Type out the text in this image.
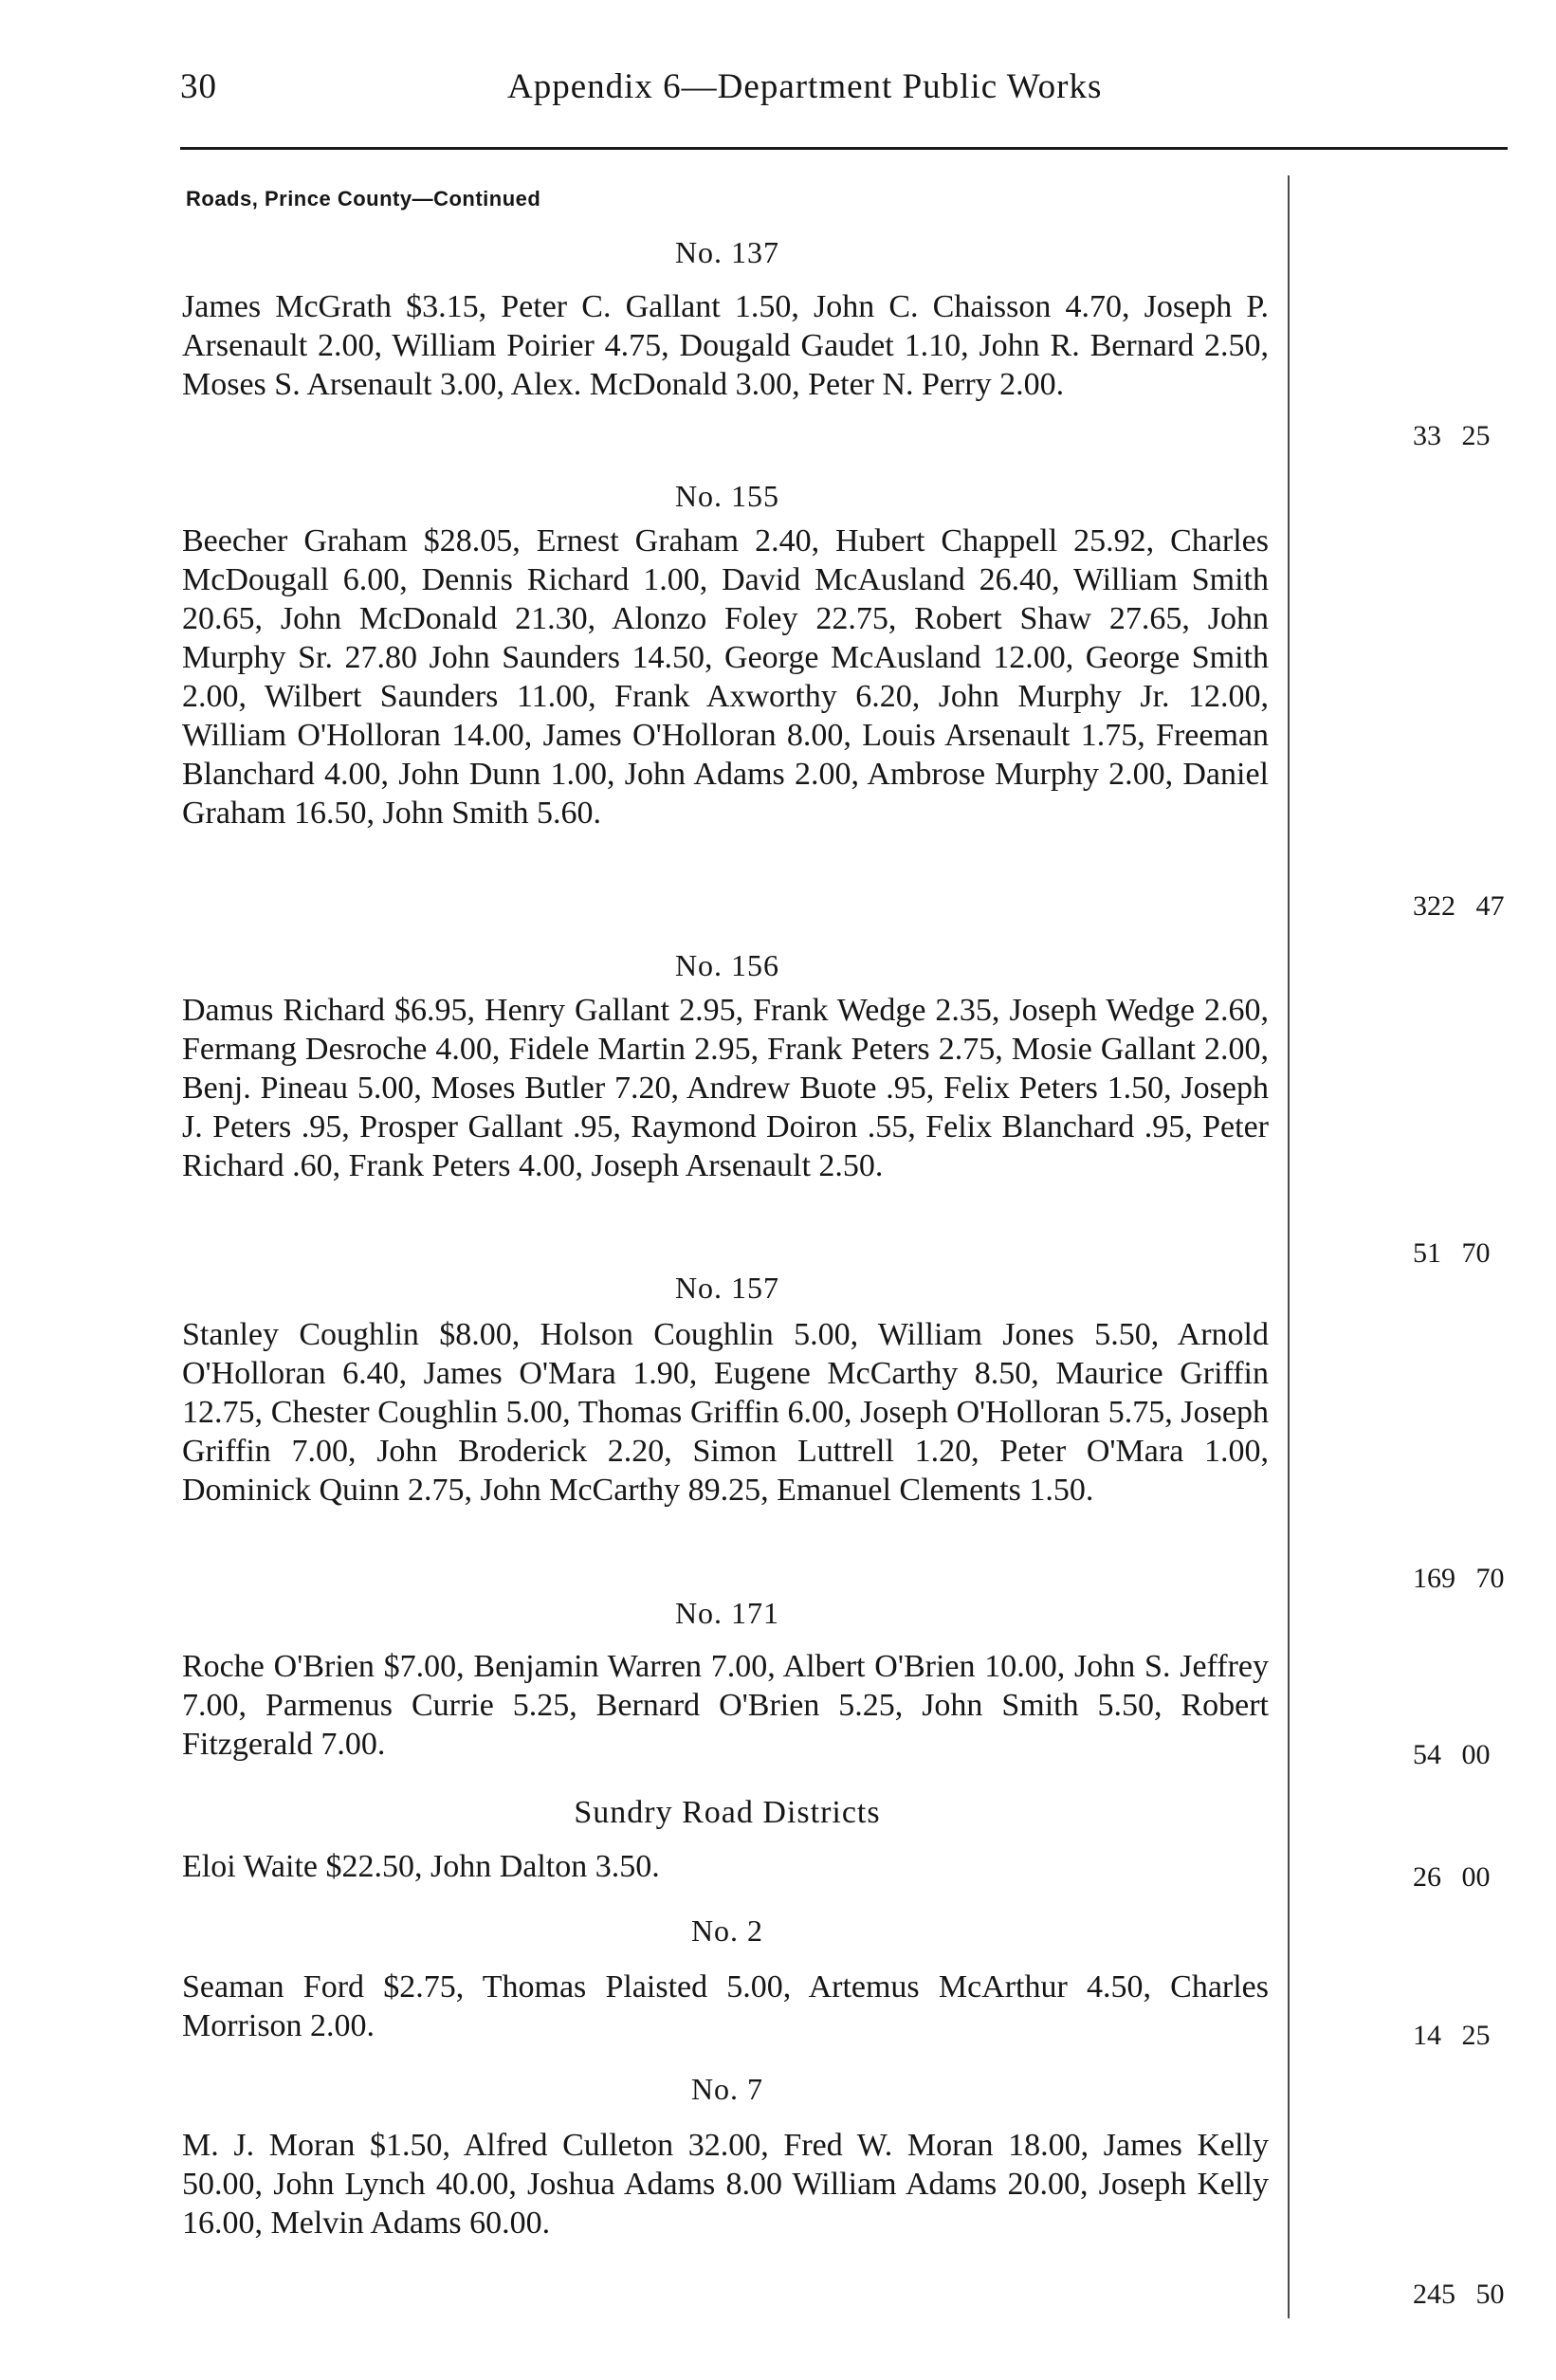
30	Appendix 6—Department Public Works
Roads, Prince County—Continued
No. 137
James McGrath $3.15, Peter C. Gallant 1.50, John C. Chaisson 4.70, Joseph P. Arsenault 2.00, William Poirier 4.75, Dougald Gaudet 1.10, John R. Bernard 2.50, Moses S. Arsenault 3.00, Alex. McDonald 3.00, Peter N. Perry 2.00.
33 25
No. 155
Beecher Graham $28.05, Ernest Graham 2.40, Hubert Chappell 25.92, Charles McDougall 6.00, Dennis Richard 1.00, David McAusland 26.40, William Smith 20.65, John McDonald 21.30, Alonzo Foley 22.75, Robert Shaw 27.65, John Murphy Sr. 27.80 John Saunders 14.50, George McAusland 12.00, George Smith 2.00, Wilbert Saunders 11.00, Frank Axworthy 6.20, John Murphy Jr. 12.00, William O'Holloran 14.00, James O'Holloran 8.00, Louis Arsenault 1.75, Freeman Blanchard 4.00, John Dunn 1.00, John Adams 2.00, Ambrose Murphy 2.00, Daniel Graham 16.50, John Smith 5.60.
322 47
No. 156
Damus Richard $6.95, Henry Gallant 2.95, Frank Wedge 2.35, Joseph Wedge 2.60, Fermang Desroche 4.00, Fidele Martin 2.95, Frank Peters 2.75, Mosie Gallant 2.00, Benj. Pineau 5.00, Moses Butler 7.20, Andrew Buote .95, Felix Peters 1.50, Joseph J. Peters .95, Prosper Gallant .95, Raymond Doiron .55, Felix Blanchard .95, Peter Richard .60, Frank Peters 4.00, Joseph Arsenault 2.50.
51 70
No. 157
Stanley Coughlin $8.00, Holson Coughlin 5.00, William Jones 5.50, Arnold O'Holloran 6.40, James O'Mara 1.90, Eugene McCarthy 8.50, Maurice Griffin 12.75, Chester Coughlin 5.00, Thomas Griffin 6.00, Joseph O'Holloran 5.75, Joseph Griffin 7.00, John Broderick 2.20, Simon Luttrell 1.20, Peter O'Mara 1.00, Dominick Quinn 2.75, John McCarthy 89.25, Emanuel Clements 1.50.
169 70
No. 171
Roche O'Brien $7.00, Benjamin Warren 7.00, Albert O'Brien 10.00, John S. Jeffrey 7.00, Parmenus Currie 5.25, Bernard O'Brien 5.25, John Smith 5.50, Robert Fitzgerald 7.00.	54 00
Sundry Road Districts
Eloi Waite $22.50, John Dalton 3.50.	26 00
No. 2
Seaman Ford $2.75, Thomas Plaisted 5.00, Artemus McArthur 4.50, Charles Morrison 2.00.	14 25
No. 7
M. J. Moran $1.50, Alfred Culleton 32.00, Fred W. Moran 18.00, James Kelly 50.00, John Lynch 40.00, Joshua Adams 8.00 William Adams 20.00, Joseph Kelly 16.00, Melvin Adams 60.00.
245 50
